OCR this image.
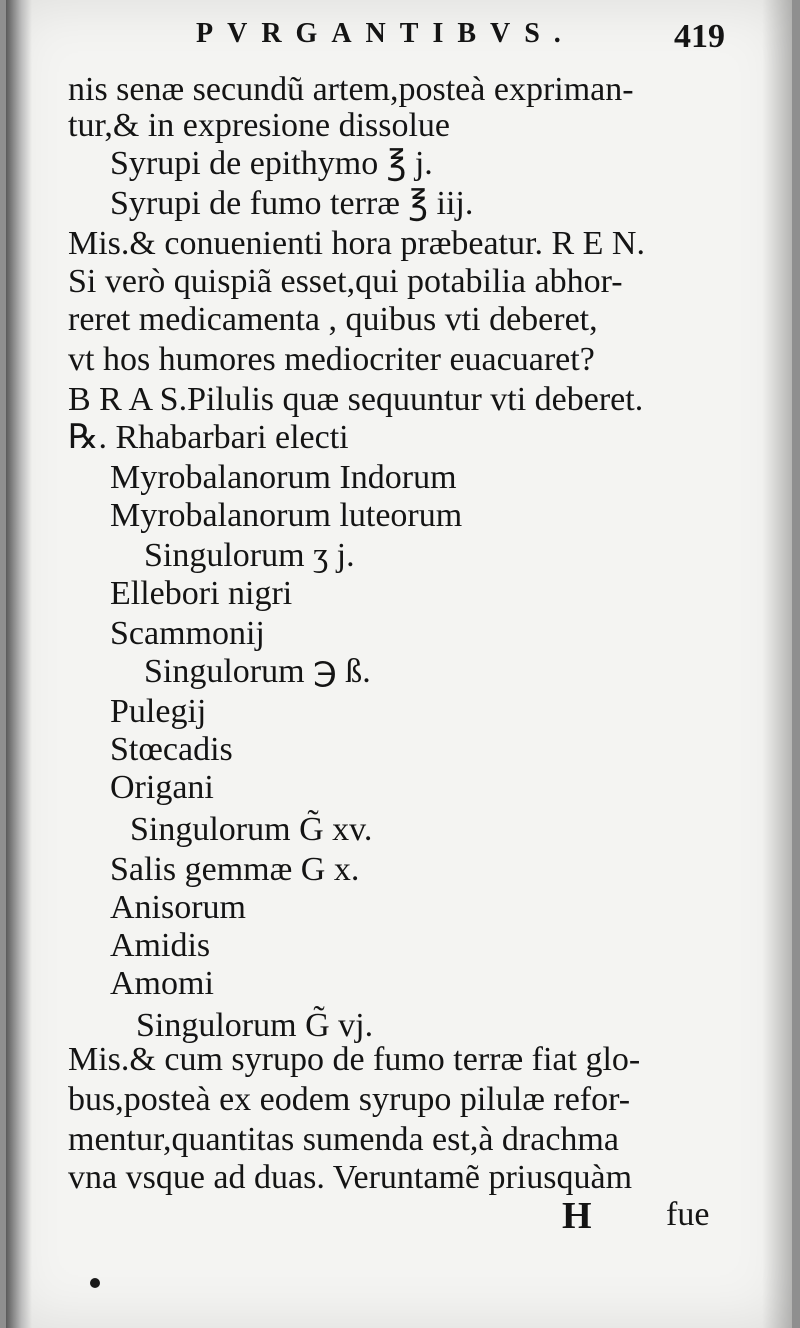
PVRGANTIBVS.	419
nis senæ secundũ artem,posteà expriman-
tur,& in expresione dissolue
Syrupi de epithymo ℥ j.
Syrupi de fumo terræ ℥ iij.
Mis.& conuenienti hora præbeatur. R E N.
Si verò quispiã esset,qui potabilia abhor-
reret medicamenta , quibus vti deberet,
vt hos humores mediocriter euacuaret?
B R A S.Pilulis quæ sequuntur vti deberet.
℞. Rhabarbari electi
Myrobalanorum Indorum
Myrobalanorum luteorum
Singulorum ʒ j.
Ellebori nigri
Scammonij
Singulorum ℈ ß.
Pulegij
Stœcadis
Origani
Singulorum G̃ xv.
Salis gemmæ G x.
Anisorum
Amidis
Amomi
Singulorum G̃ vj.
Mis.& cum syrupo de fumo terræ fiat glo-
bus,posteà ex eodem syrupo pilulæ refor-
mentur,quantitas sumenda est,à drachma
vna vsque ad duas. Veruntamẽ priusquàm
H fue
